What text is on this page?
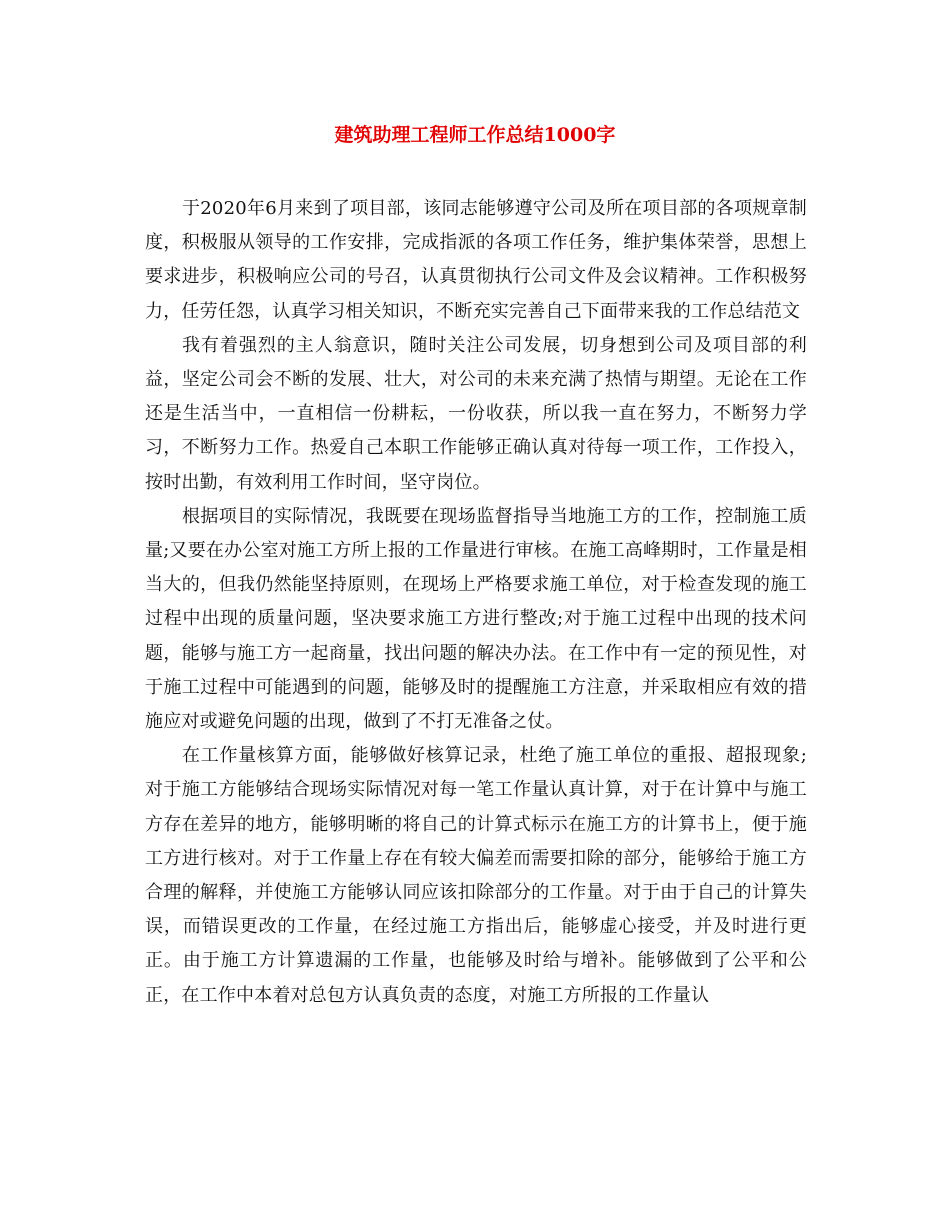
建筑助理工程师工作总结1000字

于2020年6月来到了项目部，该同志能够遵守公司及所在项目部的各项规章制度，积极服从领导的工作安排，完成指派的各项工作任务，维护集体荣誉，思想上要求进步，积极响应公司的号召，认真贯彻执行公司文件及会议精神。工作积极努力，任劳任怨，认真学习相关知识，不断充实完善自己下面带来我的工作总结范文

我有着强烈的主人翁意识，随时关注公司发展，切身想到公司及项目部的利益，坚定公司会不断的发展、壮大，对公司的未来充满了热情与期望。无论在工作还是生活当中，一直相信一份耕耘，一份收获，所以我一直在努力，不断努力学习，不断努力工作。热爱自己本职工作能够正确认真对待每一项工作，工作投入，按时出勤，有效利用工作时间，坚守岗位。

根据项目的实际情况，我既要在现场监督指导当地施工方的工作，控制施工质量;又要在办公室对施工方所上报的工作量进行审核。在施工高峰期时，工作量是相当大的，但我仍然能坚持原则，在现场上严格要求施工单位，对于检查发现的施工过程中出现的质量问题，坚决要求施工方进行整改;对于施工过程中出现的技术问题，能够与施工方一起商量，找出问题的解决办法。在工作中有一定的预见性，对于施工过程中可能遇到的问题，能够及时的提醒施工方注意，并采取相应有效的措施应对或避免问题的出现，做到了不打无准备之仗。

在工作量核算方面，能够做好核算记录，杜绝了施工单位的重报、超报现象;对于施工方能够结合现场实际情况对每一笔工作量认真计算，对于在计算中与施工方存在差异的地方，能够明晰的将自己的计算式标示在施工方的计算书上，便于施工方进行核对。对于工作量上存在有较大偏差而需要扣除的部分，能够给于施工方合理的解释，并使施工方能够认同应该扣除部分的工作量。对于由于自己的计算失误，而错误更改的工作量，在经过施工方指出后，能够虚心接受，并及时进行更正。由于施工方计算遗漏的工作量，也能够及时给与增补。能够做到了公平和公正，在工作中本着对总包方认真负责的态度，对施工方所报的工作量认
